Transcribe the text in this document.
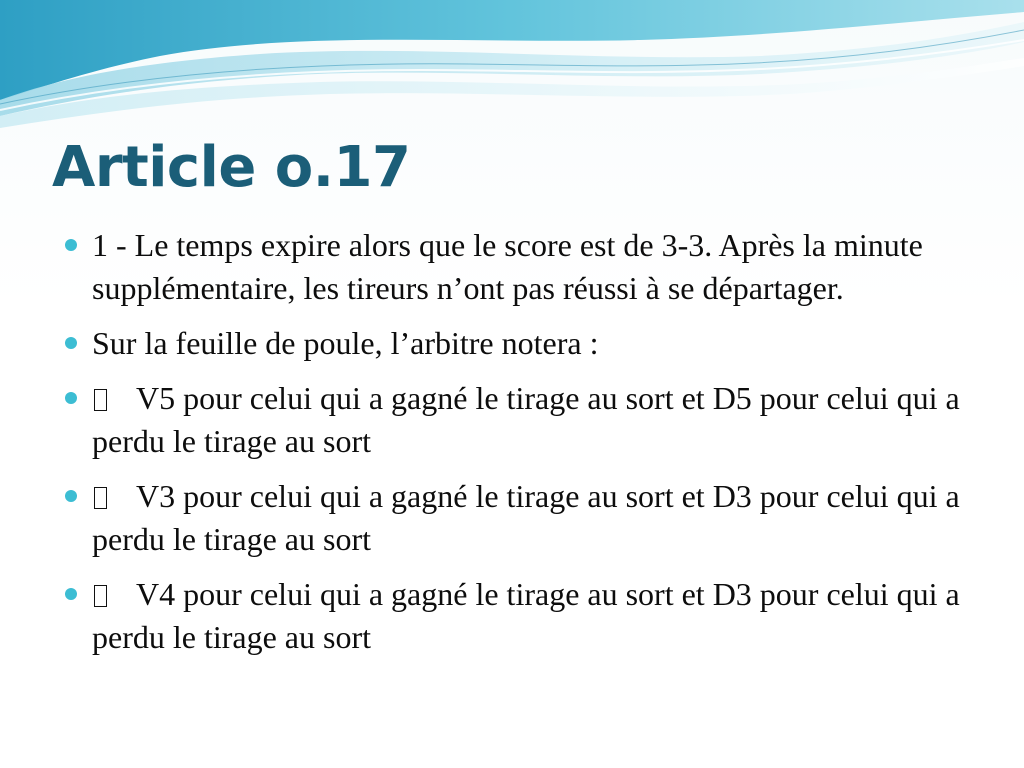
Article o.17
1 - Le temps expire alors que le score est de 3-3. Après la minute supplémentaire, les tireurs n’ont pas réussi à se départager.
Sur la feuille de poule, l’arbitre notera :
V5 pour celui qui a gagné le tirage au sort et D5 pour celui qui a perdu le tirage au sort
V3 pour celui qui a gagné le tirage au sort et D3 pour celui qui a perdu le tirage au sort
V4 pour celui qui a gagné le tirage au sort et D3 pour celui qui a perdu le tirage au sort
